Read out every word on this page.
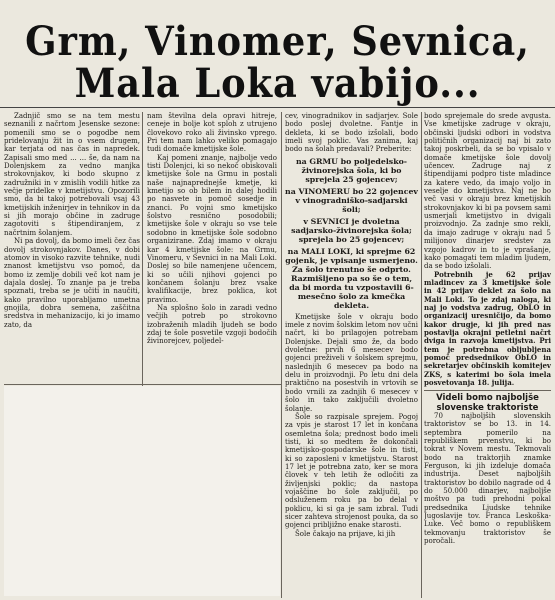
Grm, Vinomer, Sevnica,
Mala Loka vabijo...

Zadnjič smo se na tem mestu seznanili z načrtom Jesenske sezone: pomenili smo se o pogodbe nem pridelovanju žit in o vsem drugem, kar terjata od nas čas in napredek. Zapisali smo med ... ... še, da nam na Dolenjskem za vedno manjka strokovnjakov, ki bodo skupno z zadružniki in v zmislih vodili hitke za večje pridelke v kmetijstvu. Opozorili smo, da bi takoj potrebovali vsaj 43 kmetijskih inženirjev in tehnikov in da si jih morajo občine in zadruge zagotoviti s štipendiranjem, z načrtnim šolanjem.

Ni pa dovolj, da bomo imeli čez čas dovolj strokovnjakov. Danes, v dobi atomov in visoko razvite tehnike, nudi znanost kmetijstvu vso pomoč, da bomo iz zemlje dobili več kot nam je dajala doslej. To znanje pa je treba spoznati, treba se je učiti in naučiti, kako pravilno uporabljamo umetna gnojila, dobra semena, zaščitna sredstva in mehanizacijo, ki jo imamo zato, da

nam številna dela opravi hitreje, ceneje in bolje kot sploh z utrujeno človekovo roko ali živinsko vprego. Pri tem nam lahko veliko pomagajo tudi domače kmetijske šole.

Kaj pomeni znanje, najbolje vedo tisti Dolenjci, ki so nekoč obiskovali kmetijske šole na Grmu in postali naše najnaprednejše kmetje, ki kmetijo so ob bilem in dalej hodili po nasvete in pomoč sosedje in znanci. Po vojni smo kmetijsko šolstvo resnično posodobili; kmetijske šole v okraju so vse tele sodobno in kmetijske šole sodobno organizirane. Zdaj imamo v okraju kar 4 kmetijske šole: na Grmu, Vinomeru, v Sevnici in na Mali Loki. Doslej so bile namenjene učencem, ki so učili njihovi gojenci po končanem šolanju brez vsake kvalifikacije, brez poklica, kot pravimo.

Na splošno šolo in zaradi vedno večjih potreb po strokovno izobraženih mladih ljudeh se bodo zdaj te šole posvetile vzgoji bodočih živinorejcev, poljedel-

cev, vinogradnikov in sadjarjev. Šole bodo poslej dvoletne. Fantje in dekleta, ki se bodo izšolali, bodo imeli svoj poklic. Vas zanima, kaj bodo na šolah predavali? Preberite:

na GRMU bo poljedelsko-živinorejska šola, ki bo sprejela 25 gojencev;

na VINOMERU bo 22 gojencev v vinogradniško-sadjarski šoli;

v SEVNICI je dvoletna sadjarsko-živinorejska šola; sprejela bo 25 gojencev;

na MALI LOKI, ki sprejme 62 gojenk, je vpisanje usmerjeno. Za šolo trenutno še odprto. Razmišljeno pa so še o tem, da bi morda tu vzpostavili 6-mesečno šolo za kmečka dekleta.

Kmetijske šole v okraju bodo imele z novim šolskim letom nov učni načrt, ki bo prilagojen potrebam Dolenjske. Dejali smo že, da bodo dvoletne: prvih 6 mesecev bodo gojenci preživeli v šolskem sprejmu, naslednjih 6 mesecev pa bodo na delu in proizvodnji. Po letu dni dela praktično na posestvih in vrtovih se bodo vrnili za zadnjih 6 mesecev v šolo in tako zaključili dvoletno šolanje.

Šole so razpisale sprejem. Pogoj za vpis je starost 17 let in končana osemletna šola; prednost bodo imeli tisti, ki so medtem že dokončali kmetijsko-gospodarske šole in tisti, ki so zaposleni v kmetijstvu. Starost 17 let je potrebna zato, ker se mora človek v teh letih že odločiti za življenjski poklic; da nastopa vojaščine bo šole zaključil, po odsluženem roku pa bo delal v poklicu, ki si ga je sam izbral. Tudi sicer zahteva strojenost pouka, da so gojenci pribljižno enake starosti.

Šole čakajo na prijave, ki jih

bodo sprejemale do srede avgusta. Vse kmetijske zadruge v okraju, občinski ljudski odbori in vodstva političnih organizacij naj bi zato takoj poskrbeli, da se bo vpisalo v domače kmetijske šole dovolj učencev. Zadruge naj z štipendijami podpro tiste mladince za katere vedo, da imajo voljo in veselje do kmetijstva. Naj ne bo več vasi v okraju brez kmetijskih strokovnjakov ki bi pa povsem sami usmerjali kmetijstvo in dvigali proizvodnjo. Za zadnje smo rekli, da imajo zadruge v okraju nad 5 milijonov dinarjev sredstev za vzgojo kadrov in to je vprašanje, kako pomagati tem mladim ljudem, da se bodo izšolali.

Potrebnih je 62 prijav mladincev za 3 kmetijske šole in 42 prijav deklet za šolo na Mali Loki. To je zdaj naloga, ki naj jo vodstva zadrug, ObLO in organizacij uresničijo, da bomo kakor drugje, ki jih pred nas postavlja okrajni petletni načrt dviga in razvoja kmetijstva. Pri tem je potrebna obljubljena pomoč predsednikov ObLO in sekretarjev občinskih komitejev ZKS, s katerimi bo šola imela posvetovanja 18. julija.

Videli bomo najboljše slovenske traktoriste

70 najboljših slovenskih traktoristov se bo 13. in 14. septembra pomerilo na republiškem prvenstvu, ki bo tokrat v Novem mestu. Tekmovali bodo na traktorjih znamke Ferguson, ki jih izdeluje domača industrija. Deset najboljših traktoristov bo dobilo nagrade od 4 do 50.000 dinarjev, najboljše moštvo pa tudi prehodni pokal predsednika Ljudske tehnike Jugoslavije tov. Franca Leskoška-Luke. Več bomo o republiškem tekmovanju traktoristov še poročali.
